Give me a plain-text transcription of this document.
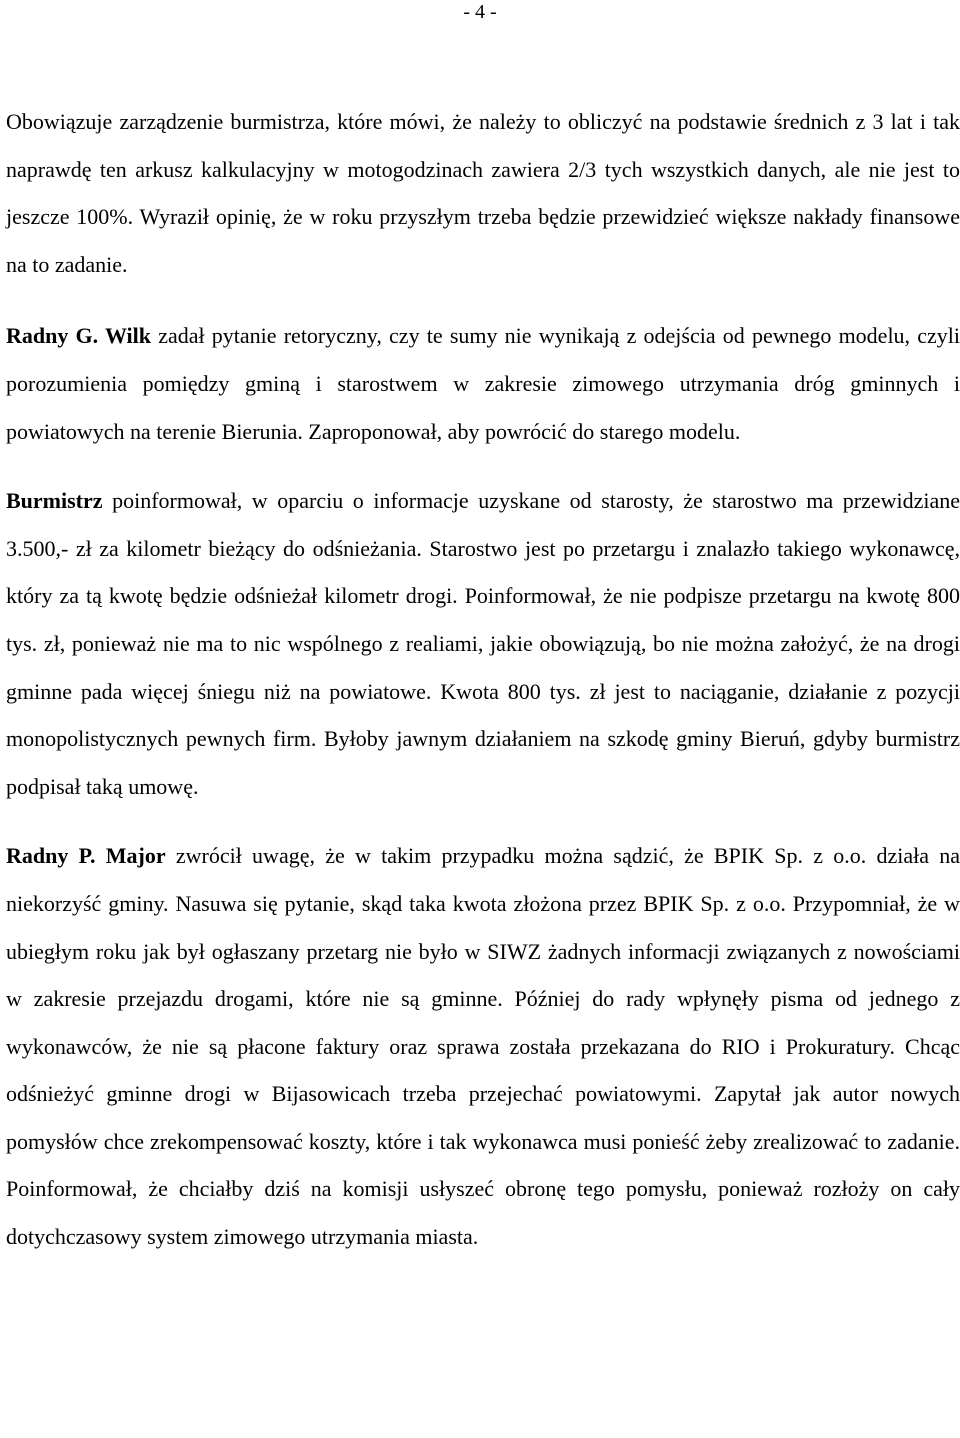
- 4 -

Obowiązuje zarządzenie burmistrza, które mówi, że należy to obliczyć na podstawie średnich z 3 lat i tak naprawdę ten arkusz kalkulacyjny w motogodzinach zawiera 2/3 tych wszystkich danych, ale nie jest to jeszcze 100%. Wyraził opinię, że w roku przyszłym trzeba będzie przewidzieć większe nakłady finansowe na to zadanie.

Radny G. Wilk zadał pytanie retoryczny, czy te sumy nie wynikają z odejścia od pewnego modelu, czyli porozumienia pomiędzy gminą i starostwem w zakresie zimowego utrzymania dróg gminnych i powiatowych na terenie Bierunia. Zaproponował, aby powrócić do starego modelu.

Burmistrz poinformował, w oparciu o informacje uzyskane od starosty, że starostwo ma przewidziane 3.500,- zł za kilometr bieżący do odśnieżania. Starostwo jest po przetargu i znalazło takiego wykonawcę, który za tą kwotę będzie odśnieżał kilometr drogi. Poinformował, że nie podpisze przetargu na kwotę 800 tys. zł, ponieważ nie ma to nic wspólnego z realiami, jakie obowiązują, bo nie można założyć, że na drogi gminne pada więcej śniegu niż na powiatowe. Kwota 800 tys. zł jest to naciąganie, działanie z pozycji monopolistycznych pewnych firm. Byłoby jawnym działaniem na szkodę gminy Bieruń, gdyby burmistrz podpisał taką umowę.

Radny P. Major zwrócił uwagę, że w takim przypadku można sądzić, że BPIK Sp. z o.o. działa na niekorzyść gminy. Nasuwa się pytanie, skąd taka kwota złożona przez BPIK Sp. z o.o. Przypomniał, że w ubiegłym roku jak był ogłaszany przetarg nie było w SIWZ żadnych informacji związanych z nowościami w zakresie przejazdu drogami, które nie są gminne. Później do rady wpłynęły pisma od jednego z wykonawców, że nie są płacone faktury oraz sprawa została przekazana do RIO i Prokuratury. Chcąc odśnieżyć gminne drogi w Bijasowicach trzeba przejechać powiatowymi. Zapytał jak autor nowych pomysłów chce zrekompensować koszty, które i tak wykonawca musi ponieść żeby zrealizować to zadanie. Poinformował, że chciałby dziś na komisji usłyszeć obronę tego pomysłu, ponieważ rozłoży on cały dotychczasowy system zimowego utrzymania miasta.
